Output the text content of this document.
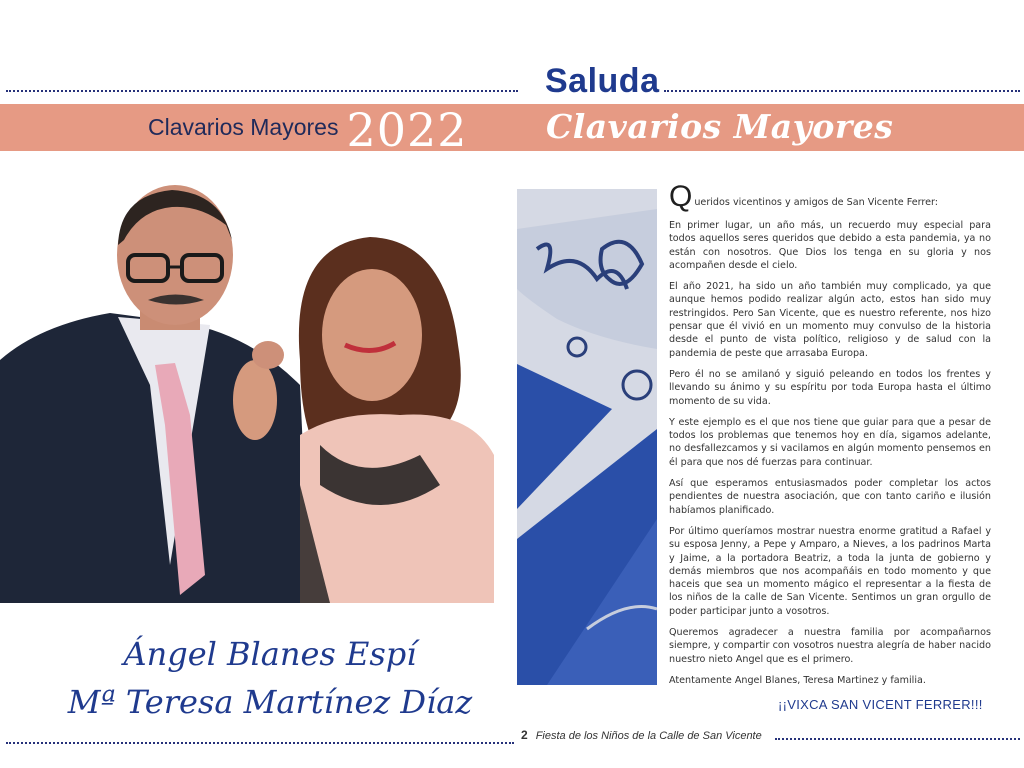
Clavarios Mayores 2022
Saluda
Clavarios Mayores
Ángel Blanes Espí
Mª Teresa Martínez Díaz
Q ueridos vicentinos y amigos de San Vicente Ferrer:

En primer lugar, un año más, un recuerdo muy especial para todos aquellos seres queridos que debido a esta pandemia, ya no están con nosotros. Que Dios los tenga en su gloria y nos acompañen desde el cielo.

El año 2021, ha sido un año también muy complicado, ya que aunque hemos podido realizar algún acto, estos han sido muy restringidos. Pero San Vicente, que es nuestro referente, nos hizo pensar que él vivió en un momento muy convulso de la historia desde el punto de vista político, religioso y de salud con la pandemia de peste que arrasaba Europa.

Pero él no se amilanó y siguió peleando en todos los frentes y llevando su ánimo y su espíritu por toda Europa hasta el último momento de su vida.

Y este ejemplo es el que nos tiene que guiar para que a pesar de todos los problemas que tenemos hoy en día, sigamos adelante, no desfallezcamos y si vacilamos en algún momento pensemos en él para que nos dé fuerzas para continuar.

Así que esperamos entusiasmados poder completar los actos pendientes de nuestra asociación, que con tanto cariño e ilusión habíamos planificado.

Por último queríamos mostrar nuestra enorme gratitud a Rafael y su esposa Jenny, a Pepe y Amparo, a Nieves, a los padrinos Marta y Jaime, a la portadora Beatriz, a toda la junta de gobierno y demás miembros que nos acompañáis en todo momento y que haceis que sea un momento mágico el representar a la fiesta de los niños de la calle de San Vicente. Sentimos un gran orgullo de poder participar junto a vosotros.

Queremos agradecer a nuestra familia por acompañarnos siempre, y compartir con vosotros nuestra alegría de haber nacido nuestro nieto Angel que es el primero.

Atentamente Angel Blanes, Teresa Martinez y familia.

¡¡VIXCA SAN VICENT FERRER!!!
2 Fiesta de los Niños de la Calle de San Vicente
